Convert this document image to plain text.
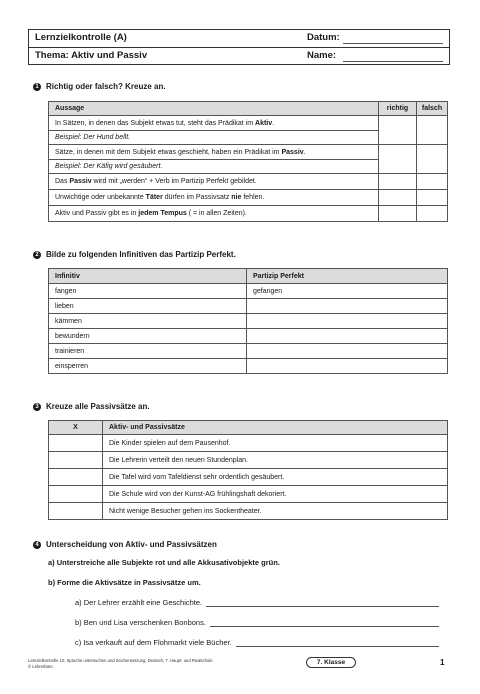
Lernzielkontrolle (A)	Datum:
Thema: Aktiv und Passiv	Name:
1 Richtig oder falsch? Kreuze an.
Aussage	richtig	falsch
In Sätzen, in denen das Subjekt etwas tut, steht das Prädikat im Aktiv.		
Beispiel: Der Hund bellt.		
Sätze, in denen mit dem Subjekt etwas geschieht, haben ein Prädikat im Passiv.		
Beispiel: Der Käfig wird gesäubert.		
Das Passiv wird mit „werden“ + Verb im Partizip Perfekt gebildet.		
Unwichtige oder unbekannte Täter dürfen im Passivsatz nie fehlen.		
Aktiv und Passiv gibt es in jedem Tempus ( = in allen Zeiten).		
2 Bilde zu folgenden Infinitiven das Partizip Perfekt.
Infinitiv	Partizip Perfekt
fangen	gefangen
lieben	
kämmen	
bewundern	
trainieren	
einsperren	
3 Kreuze alle Passivsätze an.
X	Aktiv- und Passivsätze
	Die Kinder spielen auf dem Pausenhof.
	Die Lehrerin verteilt den neuen Stundenplan.
	Die Tafel wird vom Tafeldienst sehr ordentlich gesäubert.
	Die Schule wird von der Kunst-AG frühlingshaft dekoriert.
	Nicht wenige Besucher gehen ins Sockentheater.
4 Unterscheidung von Aktiv- und Passivsätzen
a) Unterstreiche alle Subjekte rot und alle Akkusativobjekte grün.
b) Forme die Aktivsätze in Passivsätze um.
a) Der Lehrer erzählt eine Geschichte.
b) Ben und Lisa verschenken Bonbons.
c) Isa verkauft auf dem Flohmarkt viele Bücher.
Lernzielkontrolle 10, Sprache untersuchen und Zeichensetzung, Deutsch, 7. Haupt- und Realschule
© Lehrerbüro
7. Klasse	1
